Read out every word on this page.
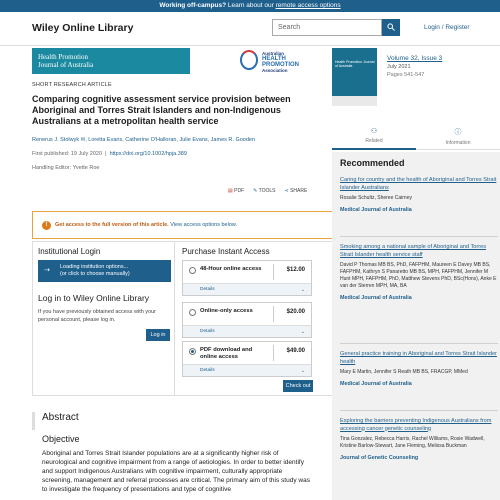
Working off-campus? Learn about our remote access options
Wiley Online Library	Search	Login / Register
Health Promotion
Journal of Australia
Australian
HEALTH
PROMOTION
Association
SHORT RESEARCH ARTICLE
Comparing cognitive assessment service provision between Aboriginal and Torres Strait Islanders and non-Indigenous Australians at a metropolitan health service
Renerus J. Stolwyk ✉, Loretta Evans, Catherine O'Halloran, Julie Evans, James R. Gooden
First published: 19 July 2020  |  https://doi.org/10.1002/hpja.389
Handling Editor: Yvette Roe
▤ PDF ✎ TOOLS ⋖ SHARE
!	Get access to the full version of this article. View access options below.
Institutional Login
⇢ Loading institution options...
(or click to choose manually)
Log in to Wiley Online Library
If you have previously obtained access with your personal account, please log in.
Log in
Purchase Instant Access
48-Hour online access	$12.00
Details	⌄
Online-only access	$20.00
Details	⌄
PDF download and online access
$49.00
Details	⌄
Check out
Abstract
Objective
Aboriginal and Torres Strait Islander populations are at a significantly higher risk of neurological and cognitive impairment from a range of aetiologies. In order to better identify and support Indigenous Australians with cognitive impairment, culturally appropriate screening, management and referral processes are critical. The primary aim of this study was to investigate the frequency of presentations and type of cognitive
Health Promotion Journal of Australia
Volume 32, Issue 3
July 2021
Pages 541-547
⚇
Related
ⓘ
Information
Recommended
Caring for country and the health of Aboriginal and Torres Strait Islander Australians
Rosalie Schultz, Sheree Cairney
Medical Journal of Australia
Smoking among a national sample of Aboriginal and Torres Strait Islander health service staff
David P Thomas MB BS, PhD, FAFPHM, Maureen E Davey MB BS, FAFPHM, Kathryn S Panaretto MB BS, MPH, FAFPHM, Jennifer M Hunt MPH, FAFPHM, PhD, Matthew Stevens PhD, BSc(Hons), Anke E van der Sterren MPH, MA, BA
Medical Journal of Australia
General practice training in Aboriginal and Torres Strait Islander health
Mary E Martin, Jennifer S Reath MB BS, FRACGP, MMed
Medical Journal of Australia
Exploring the barriers preventing Indigenous Australians from accessing cancer genetic counseling
Tina Gonzalez, Rebecca Harris, Rachel Williams, Rosie Wadwell, Kristine Barlow-Stewart, Jane Fleming, Melissa Buckman
Journal of Genetic Counseling
